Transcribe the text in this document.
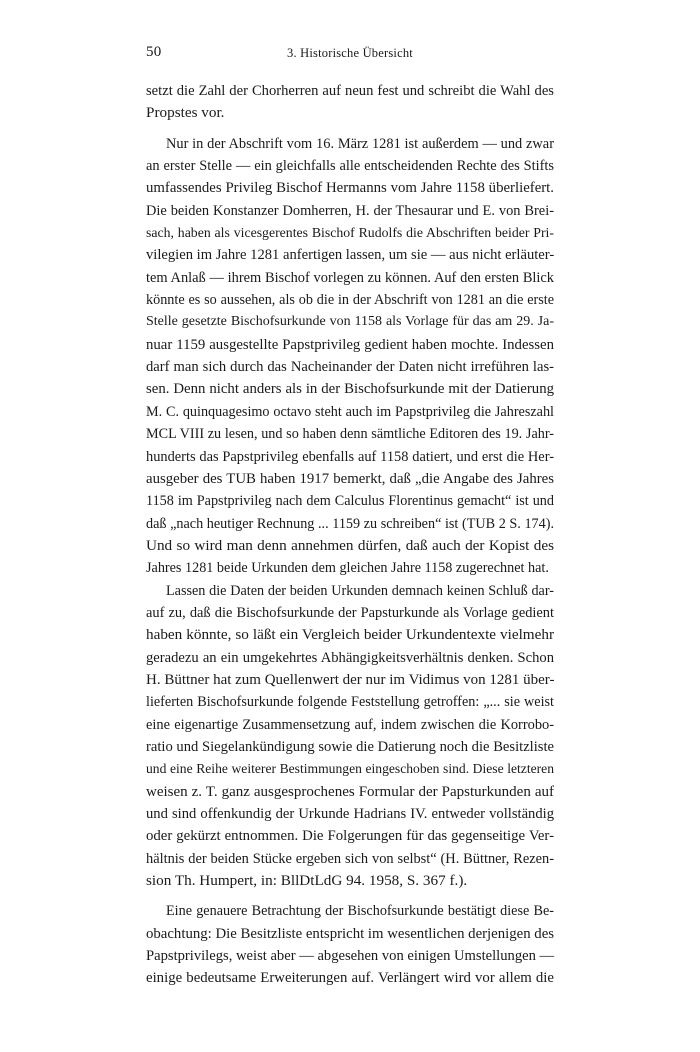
50	3. Historische Übersicht
setzt die Zahl der Chorherren auf neun fest und schreibt die Wahl des
Propstes vor.
Nur in der Abschrift vom 16. März 1281 ist außerdem — und zwar
an erster Stelle — ein gleichfalls alle entscheidenden Rechte des Stifts
umfassendes Privileg Bischof Hermanns vom Jahre 1158 überliefert.
Die beiden Konstanzer Domherren, H. der Thesaurar und E. von Brei-
sach, haben als vicesgerentes Bischof Rudolfs die Abschriften beider Pri-
vilegien im Jahre 1281 anfertigen lassen, um sie — aus nicht erläuter-
tem Anlaß — ihrem Bischof vorlegen zu können. Auf den ersten Blick
könnte es so aussehen, als ob die in der Abschrift von 1281 an die erste
Stelle gesetzte Bischofsurkunde von 1158 als Vorlage für das am 29. Ja-
nuar 1159 ausgestellte Papstprivileg gedient haben mochte. Indessen
darf man sich durch das Nacheinander der Daten nicht irreführen las-
sen. Denn nicht anders als in der Bischofsurkunde mit der Datierung
M. C. quinquagesimo octavo steht auch im Papstprivileg die Jahreszahl
MCL VIII zu lesen, und so haben denn sämtliche Editoren des 19. Jahr-
hunderts das Papstprivileg ebenfalls auf 1158 datiert, und erst die Her-
ausgeber des TUB haben 1917 bemerkt, daß „die Angabe des Jahres
1158 im Papstprivileg nach dem Calculus Florentinus gemacht“ ist und
daß „nach heutiger Rechnung ... 1159 zu schreiben“ ist (TUB 2 S. 174).
Und so wird man denn annehmen dürfen, daß auch der Kopist des
Jahres 1281 beide Urkunden dem gleichen Jahre 1158 zugerechnet hat.
Lassen die Daten der beiden Urkunden demnach keinen Schluß dar-
auf zu, daß die Bischofsurkunde der Papsturkunde als Vorlage gedient
haben könnte, so läßt ein Vergleich beider Urkundentexte vielmehr
geradezu an ein umgekehrtes Abhängigkeitsverhältnis denken. Schon
H. Büttner hat zum Quellenwert der nur im Vidimus von 1281 über-
lieferten Bischofsurkunde folgende Feststellung getroffen: „... sie weist
eine eigenartige Zusammensetzung auf, indem zwischen die Korrobo-
ratio und Siegelankündigung sowie die Datierung noch die Besitzliste
und eine Reihe weiterer Bestimmungen eingeschoben sind. Diese letzteren
weisen z. T. ganz ausgesprochenes Formular der Papsturkunden auf
und sind offenkundig der Urkunde Hadrians IV. entweder vollständig
oder gekürzt entnommen. Die Folgerungen für das gegenseitige Ver-
hältnis der beiden Stücke ergeben sich von selbst“ (H. Büttner, Rezen-
sion Th. Humpert, in: BllDtLdG 94. 1958, S. 367 f.).
Eine genauere Betrachtung der Bischofsurkunde bestätigt diese Be-
obachtung: Die Besitzliste entspricht im wesentlichen derjenigen des
Papstprivilegs, weist aber — abgesehen von einigen Umstellungen —
einige bedeutsame Erweiterungen auf. Verlängert wird vor allem die
